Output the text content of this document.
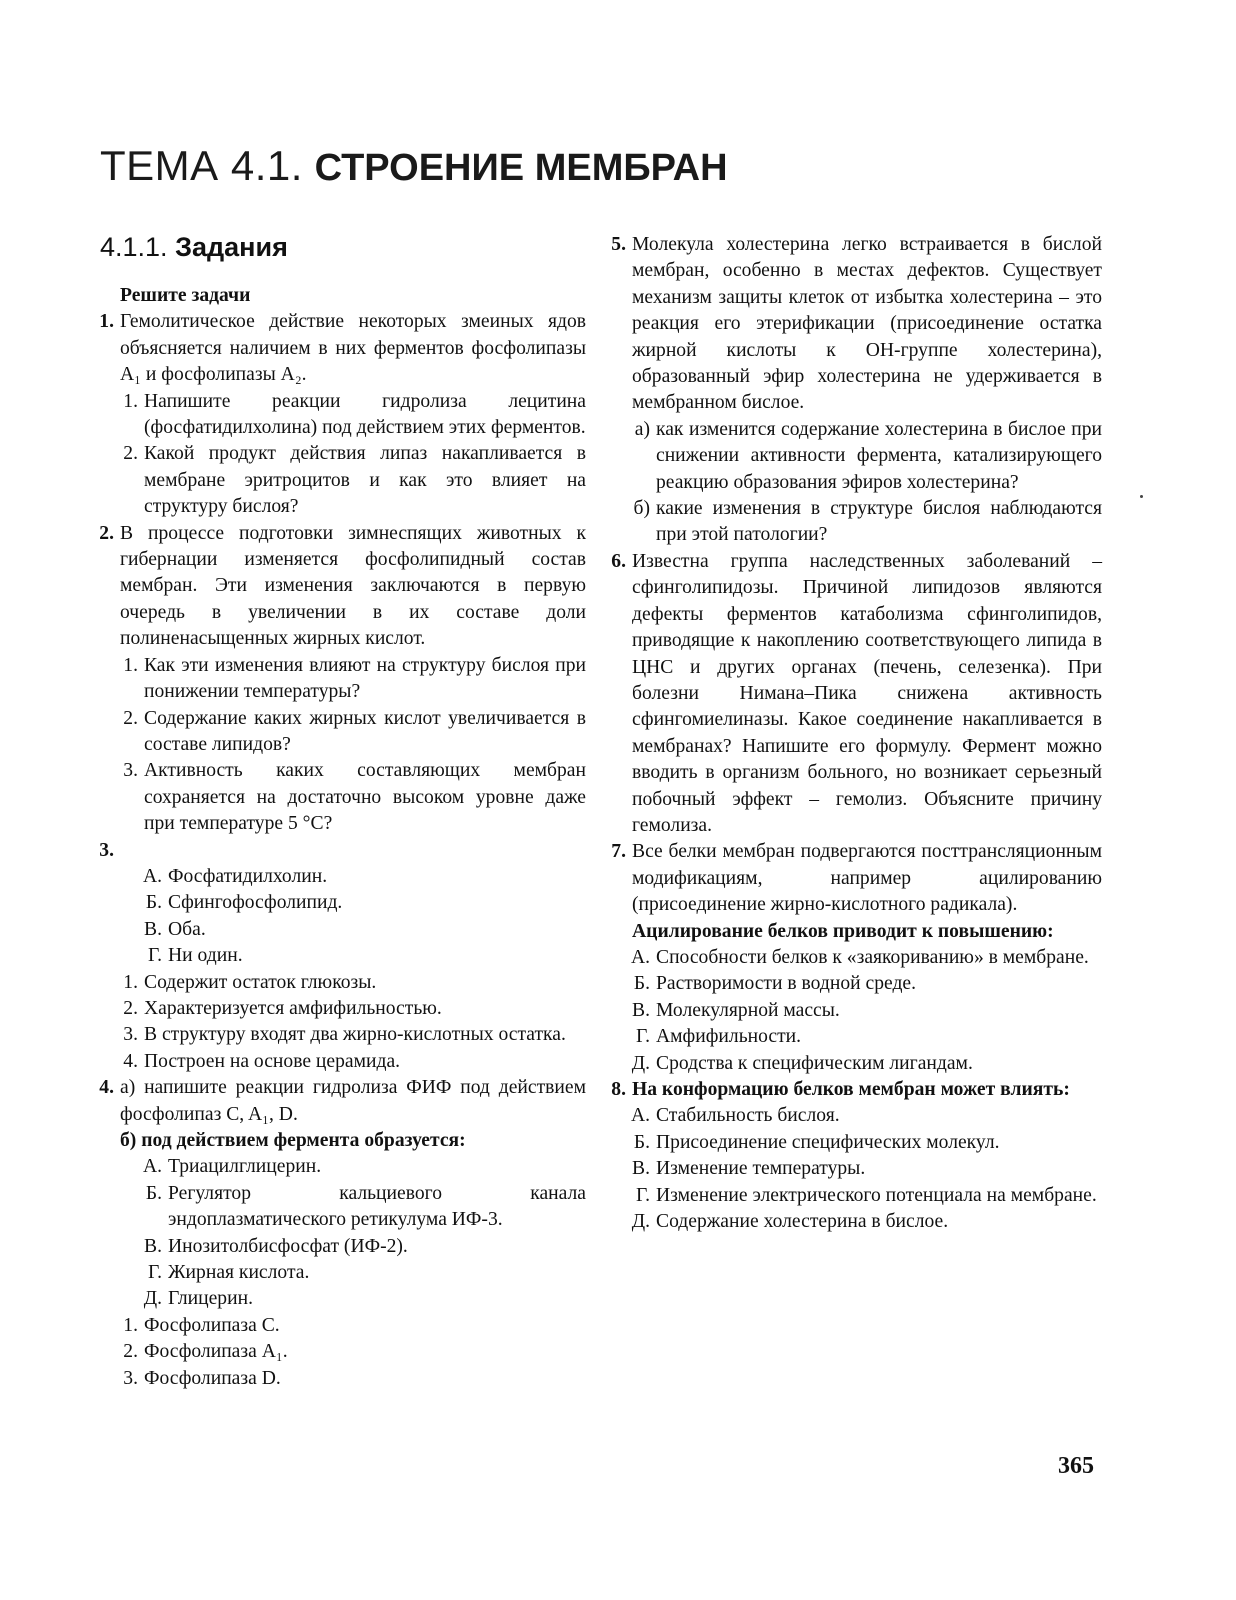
ТЕМА 4.1. СТРОЕНИЕ МЕМБРАН
4.1.1. Задания
Решите задачи
1. Гемолитическое действие некоторых змеиных ядов объясняется наличием в них ферментов фосфолипазы A₁ и фосфолипазы A₂.
1. Напишите реакции гидролиза лецитина (фосфатидилхолина) под действием этих ферментов.
2. Какой продукт действия липаз накапливается в мембране эритроцитов и как это влияет на структуру бислоя?
2. В процессе подготовки зимнеспящих животных к гибернации изменяется фосфолипидный состав мембран. Эти изменения заключаются в первую очередь в увеличении в их составе доли полиненасыщенных жирных кислот.
1. Как эти изменения влияют на структуру бислоя при понижении температуры?
2. Содержание каких жирных кислот увеличивается в составе липидов?
3. Активность каких составляющих мембран сохраняется на достаточно высоком уровне даже при температуре 5 °C?
3.
А. Фосфатидилхолин.
Б. Сфингофосфолипид.
В. Оба.
Г. Ни один.
1. Содержит остаток глюкозы.
2. Характеризуется амфифильностью.
3. В структуру входят два жирно-кислотных остатка.
4. Построен на основе церамида.
4. а) напишите реакции гидролиза ФИФ под действием фосфолипаз C, A₁, D.
б) под действием фермента образуется:
А. Триацилглицерин.
Б. Регулятор кальциевого канала эндоплазматического ретикулума ИФ-3.
В. Инозитолбисфосфат (ИФ-2).
Г. Жирная кислота.
Д. Глицерин.
1. Фосфолипаза C.
2. Фосфолипаза A₁.
3. Фосфолипаза D.
5. Молекула холестерина легко встраивается в бислой мембран, особенно в местах дефектов. Существует механизм защиты клеток от избытка холестерина – это реакция его этерификации (присоединение остатка жирной кислоты к OH-группе холестерина), образованный эфир холестерина не удерживается в мембранном бислое.
а) как изменится содержание холестерина в бислое при снижении активности фермента, катализирующего реакцию образования эфиров холестерина?
б) какие изменения в структуре бислоя наблюдаются при этой патологии?
6. Известна группа наследственных заболеваний – сфинголипидозы. Причиной липидозов являются дефекты ферментов катаболизма сфинголипидов, приводящие к накоплению соответствующего липида в ЦНС и других органах (печень, селезенка). При болезни Нимана–Пика снижена активность сфингомиелиназы. Какое соединение накапливается в мембранах? Напишите его формулу. Фермент можно вводить в организм больного, но возникает серьезный побочный эффект – гемолиз. Объясните причину гемолиза.
7. Все белки мембран подвергаются посттрансляционным модификациям, например ацилированию (присоединение жирно-кислотного радикала).
Ацилирование белков приводит к повышению:
А. Способности белков к «заякориванию» в мембране.
Б. Растворимости в водной среде.
В. Молекулярной массы.
Г. Амфифильности.
Д. Сродства к специфическим лигандам.
8. На конформацию белков мембран может влиять:
А. Стабильность бислоя.
Б. Присоединение специфических молекул.
В. Изменение температуры.
Г. Изменение электрического потенциала на мембране.
Д. Содержание холестерина в бислое.
365
